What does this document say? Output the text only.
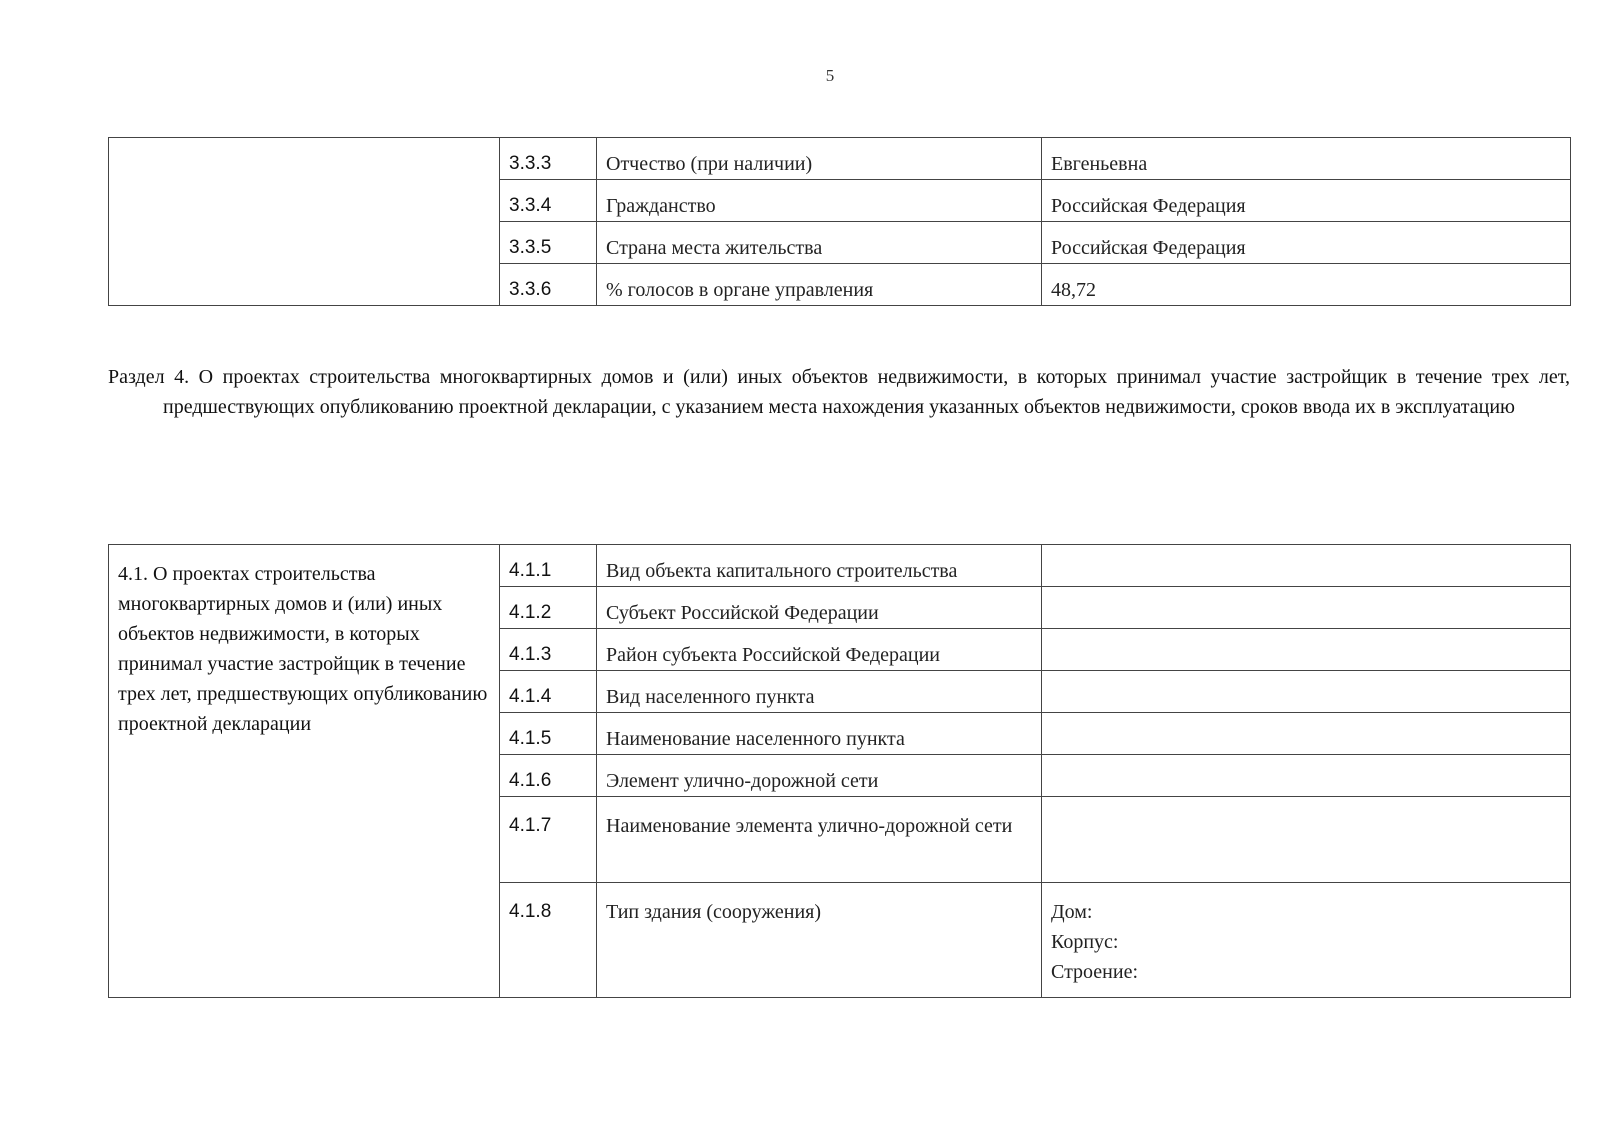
5
	3.3.3	Отчество (при наличии)	Евгеньевна
	3.3.4	Гражданство	Российская Федерация
	3.3.5	Страна места жительства	Российская Федерация
	3.3.6	% голосов в органе управления	48,72
Раздел 4. О проектах строительства многоквартирных домов и (или) иных объектов недвижимости, в которых принимал участие застройщик в течение трех лет, предшествующих опубликованию проектной декларации, с указанием места нахождения указанных объектов недвижимости, сроков ввода их в эксплуатацию
4.1. О проектах строительства многоквартирных домов и (или) иных объектов недвижимости, в которых принимал участие застройщик в течение трех лет, предшествующих опубликованию проектной декларации	4.1.1	Вид объекта капитального строительства	
	4.1.2	Субъект Российской Федерации	
	4.1.3	Район субъекта Российской Федерации	
	4.1.4	Вид населенного пункта	
	4.1.5	Наименование населенного пункта	
	4.1.6	Элемент улично-дорожной сети	
	4.1.7	Наименование элемента улично-дорожной сети	
	4.1.8	Тип здания (сооружения)	Дом:
Корпус:
Строение:
